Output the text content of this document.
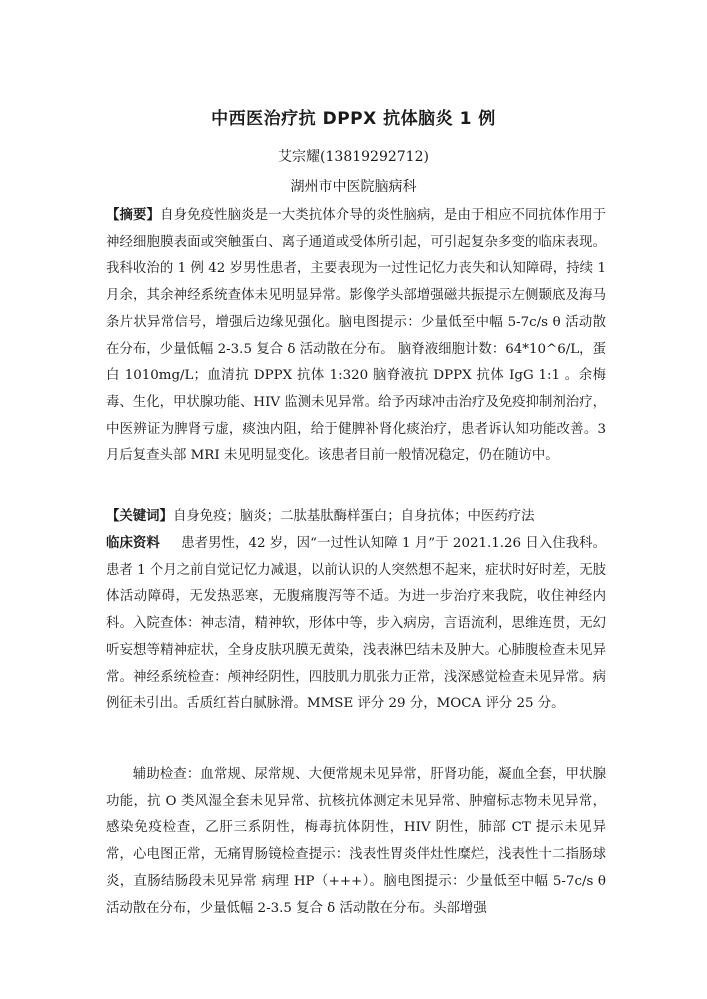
中西医治疗抗 DPPX 抗体脑炎 1 例
艾宗耀(13819292712)
湖州市中医院脑病科

【摘要】自身免疫性脑炎是一大类抗体介导的炎性脑病，是由于相应不同抗体作用于神经细胞膜表面或突触蛋白、离子通道或受体所引起，可引起复杂多变的临床表现。我科收治的 1 例 42 岁男性患者，主要表现为一过性记忆力丧失和认知障碍，持续 1 月余，其余神经系统查体未见明显异常。影像学头部增强磁共振提示左侧颞底及海马条片状异常信号，增强后边缘见强化。脑电图提示：少量低至中幅 5-7c/s θ 活动散在分布，少量低幅 2-3.5 复合 δ 活动散在分布。 脑脊液细胞计数：64*10^6/L，蛋白 1010mg/L；血清抗 DPPX 抗体 1:320 脑脊液抗 DPPX 抗体 IgG 1:1 。余梅毒、生化，甲状腺功能、HIV 监测未见异常。给予丙球冲击治疗及免疫抑制剂治疗，中医辨证为脾肾亏虚，痰浊内阻，给于健脾补肾化痰治疗，患者诉认知功能改善。3 月后复查头部 MRI 未见明显变化。该患者目前一般情况稳定，仍在随访中。

【关键词】自身免疫；脑炎；二肽基肽酶样蛋白；自身抗体；中医药疗法

临床资料 患者男性，42 岁，因“一过性认知障 1 月”于 2021.1.26 日入住我科。患者 1 个月之前自觉记忆力减退，以前认识的人突然想不起来，症状时好时差，无肢体活动障碍，无发热恶寒，无腹痛腹泻等不适。为进一步治疗来我院，收住神经内科。入院查体：神志清，精神软，形体中等，步入病房，言语流利，思维连贯，无幻听妄想等精神症状，全身皮肤巩膜无黄染，浅表淋巴结未及肿大。心肺腹检查未见异常。神经系统检查：颅神经阴性，四肢肌力肌张力正常，浅深感觉检查未见异常。病例征未引出。舌质红苔白腻脉滑。MMSE 评分 29 分，MOCA 评分 25 分。

辅助检查：血常规、尿常规、大便常规未见异常，肝肾功能，凝血全套，甲状腺功能，抗 O 类风湿全套未见异常、抗核抗体测定未见异常、肿瘤标志物未见异常，感染免疫检查，乙肝三系阴性，梅毒抗体阴性，HIV 阴性，肺部 CT 提示未见异常，心电图正常，无痛胃肠镜检查提示：浅表性胃炎伴灶性糜烂，浅表性十二指肠球炎，直肠结肠段未见异常 病理 HP（+++）。脑电图提示：少量低至中幅 5-7c/s θ 活动散在分布，少量低幅 2-3.5 复合 δ 活动散在分布。头部增强
